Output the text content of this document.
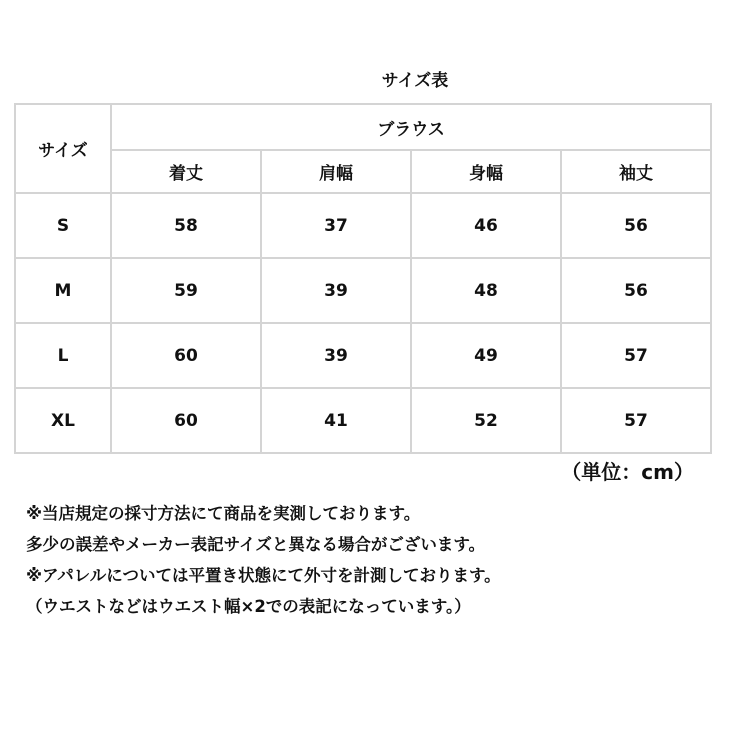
サイズ表
サイズ	ブラウス			
	着丈	肩幅	身幅	袖丈
S	58	37	46	56
M	59	39	48	56
L	60	39	49	57
XL	60	41	52	57
（単位：cm）
※当店規定の採寸方法にて商品を実測しております。
多少の誤差やメーカー表記サイズと異なる場合がございます。
※アパレルについては平置き状態にて外寸を計測しております。
（ウエストなどはウエスト幅×2での表記になっています。）
